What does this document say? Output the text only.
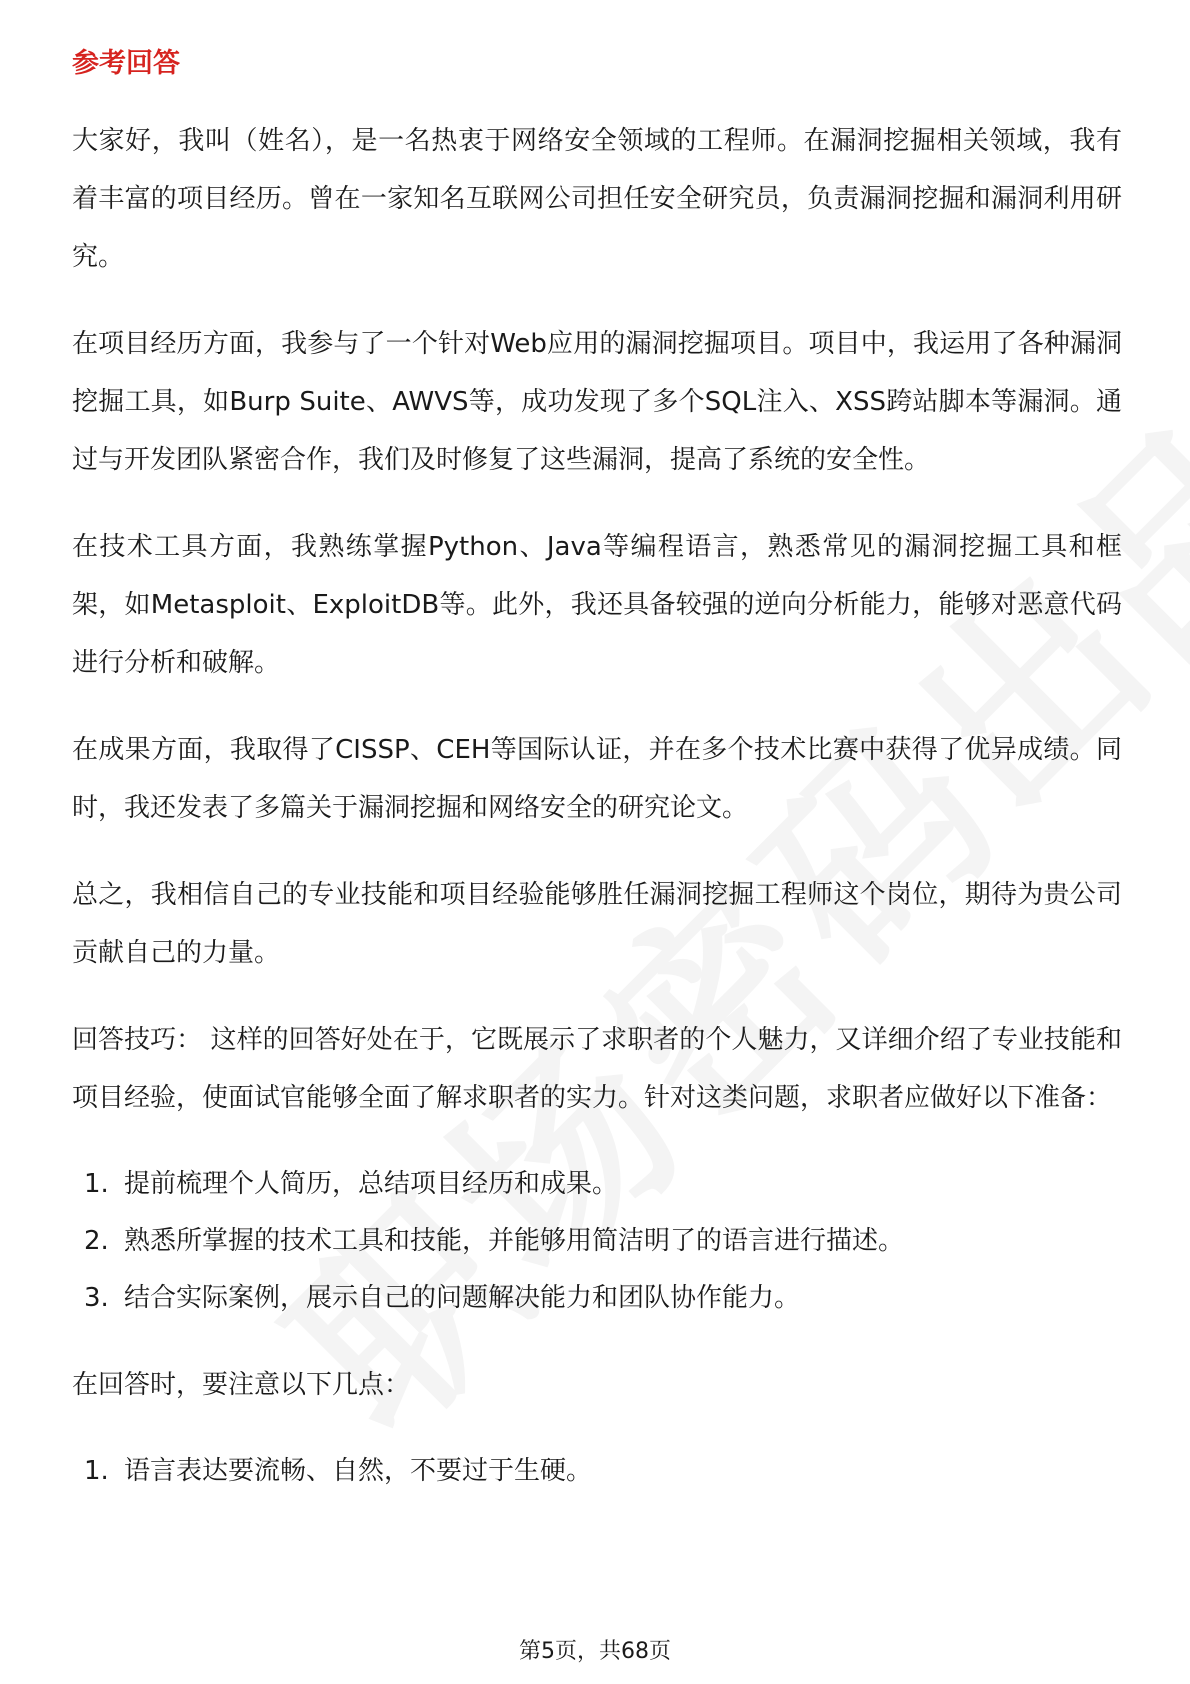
参考回答

大家好，我叫（姓名），是一名热衷于网络安全领域的工程师。在漏洞挖掘相关领域，我有着丰富的项目经历。曾在一家知名互联网公司担任安全研究员，负责漏洞挖掘和漏洞利用研究。

在项目经历方面，我参与了一个针对Web应用的漏洞挖掘项目。项目中，我运用了各种漏洞挖掘工具，如Burp Suite、AWVS等，成功发现了多个SQL注入、XSS跨站脚本等漏洞。通过与开发团队紧密合作，我们及时修复了这些漏洞，提高了系统的安全性。

在技术工具方面，我熟练掌握Python、Java等编程语言，熟悉常见的漏洞挖掘工具和框架，如Metasploit、ExploitDB等。此外，我还具备较强的逆向分析能力，能够对恶意代码进行分析和破解。

在成果方面，我取得了CISSP、CEH等国际认证，并在多个技术比赛中获得了优异成绩。同时，我还发表了多篇关于漏洞挖掘和网络安全的研究论文。

总之，我相信自己的专业技能和项目经验能够胜任漏洞挖掘工程师这个岗位，期待为贵公司贡献自己的力量。

回答技巧： 这样的回答好处在于，它既展示了求职者的个人魅力，又详细介绍了专业技能和项目经验，使面试官能够全面了解求职者的实力。针对这类问题，求职者应做好以下准备：

1. 提前梳理个人简历，总结项目经历和成果。
2. 熟悉所掌握的技术工具和技能，并能够用简洁明了的语言进行描述。
3. 结合实际案例，展示自己的问题解决能力和团队协作能力。

在回答时，要注意以下几点：

1. 语言表达要流畅、自然，不要过于生硬。
第5页，共68页
